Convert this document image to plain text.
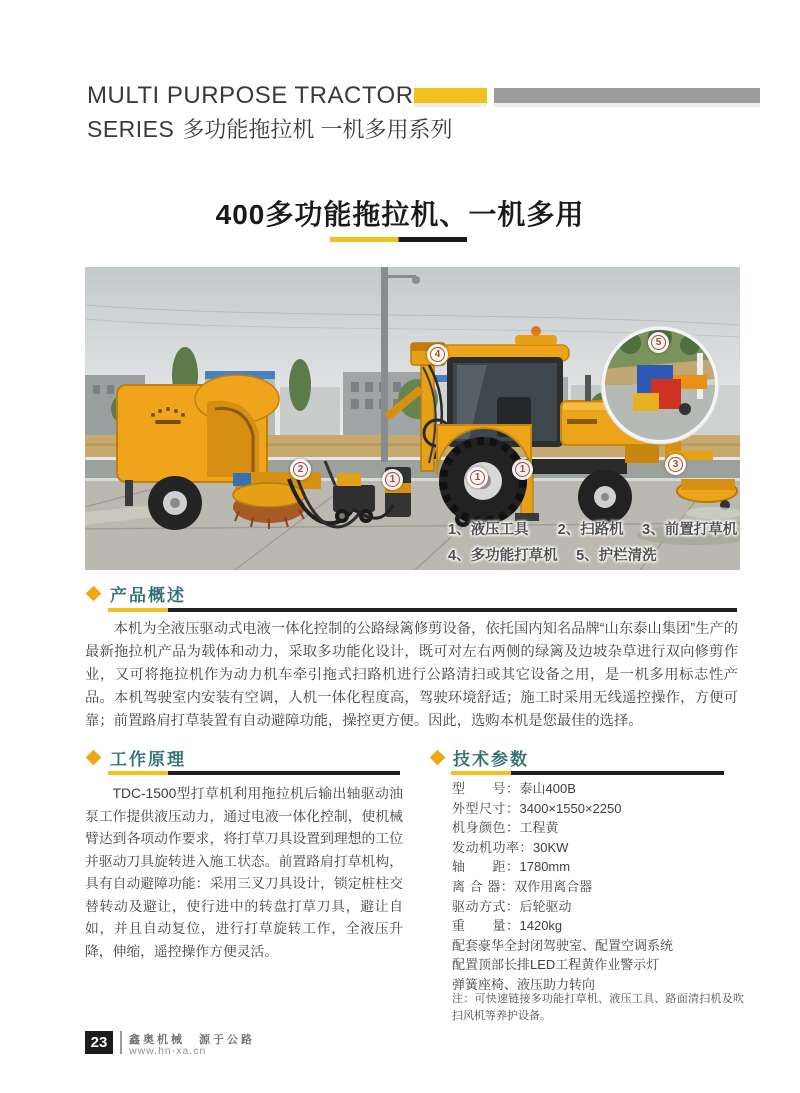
MULTI PURPOSE TRACTOR
SERIES 多功能拖拉机 一机多用系列
400多功能拖拉机、一机多用
1	1
1
2	3
4
5
1、液压工具　　2、扫路机　 3、前置打草机
4、多功能打草机　 5、护栏清洗
产品概述
本机为全液压驱动式电液一体化控制的公路绿篱修剪设备，依托国内知名品牌“山东泰山集团”生产的最新拖拉机产品为载体和动力，采取多功能化设计，既可对左右两侧的绿篱及边坡杂草进行双向修剪作业，又可将拖拉机作为动力机车牵引拖式扫路机进行公路清扫或其它设备之用，是一机多用标志性产品。本机驾驶室内安装有空调，人机一体化程度高，驾驶环境舒适；施工时采用无线遥控操作，方便可靠；前置路肩打草装置有自动避障功能，操控更方便。因此，选购本机是您最佳的选择。
工作原理
TDC-1500型打草机利用拖拉机后输出轴驱动油泵工作提供液压动力，通过电液一体化控制，使机械臂达到各项动作要求，将打草刀具设置到理想的工位并驱动刀具旋转进入施工状态。前置路肩打草机构，具有自动避障功能：采用三叉刀具设计，锁定桩柱交替转动及避让，使行进中的转盘打草刀具，避让自如，并且自动复位，进行打草旋转工作，全液压升降，伸缩，遥控操作方便灵活。
技术参数
型　　号：泰山400B
外型尺寸：3400×1550×2250
机身颜色：工程黄
发动机功率：30KW
轴　　距：1780mm
离 合 器：双作用离合器
驱动方式：后轮驱动
重　　量：1420kg
配套豪华全封闭驾驶室、配置空调系统
配置顶部长排LED工程黄作业警示灯
弹簧座椅、液压助力转向
注：可快速链接多功能打草机、液压工具、路面清扫机及吹扫风机等养护设备。
23	鑫奥机械　源于公路
www.hn-xa.cn
